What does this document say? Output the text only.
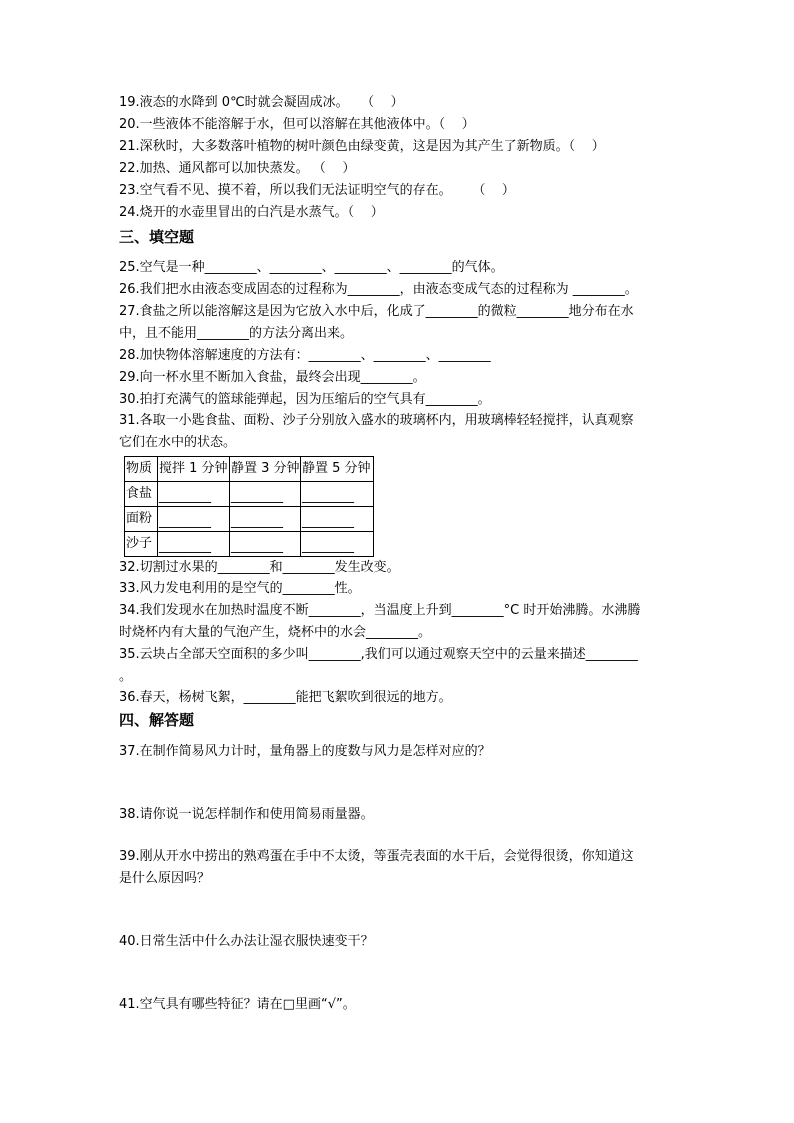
19.液态的水降到 0℃时就会凝固成冰。   （    ）
20.一些液体不能溶解于水，但可以溶解在其他液体中。（    ）
21.深秋时，大多数落叶植物的树叶颜色由绿变黄，这是因为其产生了新物质。（    ）
22.加热、通风都可以加快蒸发。 （    ）
23.空气看不见、摸不着，所以我们无法证明空气的存在。     （    ）
24.烧开的水壶里冒出的白汽是水蒸气。（    ）
三、填空题
25.空气是一种________、________、________、________的气体。
26.我们把水由液态变成固态的过程称为________，由液态变成气态的过程称为 ________。
27.食盐之所以能溶解这是因为它放入水中后，化成了________的微粒________地分布在水
中，且不能用________的方法分离出来。
28.加快物体溶解速度的方法有：________、________、________
29.向一杯水里不断加入食盐，最终会出现________。
30.拍打充满气的篮球能弹起，因为压缩后的空气具有________。
31.各取一小匙食盐、面粉、沙子分别放入盛水的玻璃杯内，用玻璃棒轻轻搅拌，认真观察
它们在水中的状态。
物质	搅拌 1 分钟	静置 3 分钟	静置 5 分钟
食盐	________	________	________
面粉	________	________	________
沙子	________	________	________
32.切割过水果的________和________发生改变。
33.风力发电利用的是空气的________性。
34.我们发现水在加热时温度不断________，当温度上升到________°C 时开始沸腾。水沸腾
时烧杯内有大量的气泡产生，烧杯中的水会________。
35.云块占全部天空面积的多少叫________,我们可以通过观察天空中的云量来描述________
。
36.春天，杨树飞絮，________能把飞絮吹到很远的地方。
四、解答题
37.在制作简易风力计时，量角器上的度数与风力是怎样对应的？
38.请你说一说怎样制作和使用简易雨量器。
39.刚从开水中捞出的熟鸡蛋在手中不太烫，等蛋壳表面的水干后，会觉得很烫，你知道这
是什么原因吗？
40.日常生活中什么办法让湿衣服快速变干？
41.空气具有哪些特征？请在□里画“√”。
